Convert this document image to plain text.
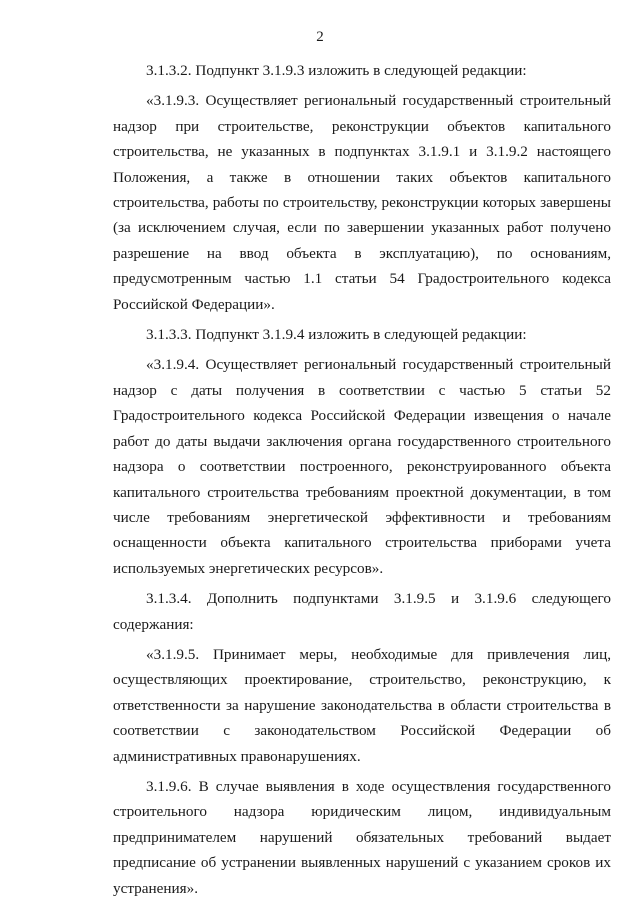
2

3.1.3.2. Подпункт 3.1.9.3 изложить в следующей редакции:

«3.1.9.3. Осуществляет региональный государственный строительный надзор при строительстве, реконструкции объектов капитального строительства, не указанных в подпунктах 3.1.9.1 и 3.1.9.2 настоящего Положения, а также в отношении таких объектов капитального строительства, работы по строительству, реконструкции которых завершены (за исключением случая, если по завершении указанных работ получено разрешение на ввод объекта в эксплуатацию), по основаниям, предусмотренным частью 1.1 статьи 54 Градостроительного кодекса Российской Федерации».

3.1.3.3. Подпункт 3.1.9.4 изложить в следующей редакции:

«3.1.9.4. Осуществляет региональный государственный строительный надзор с даты получения в соответствии с частью 5 статьи 52 Градостроительного кодекса Российской Федерации извещения о начале работ до даты выдачи заключения органа государственного строительного надзора о соответствии построенного, реконструированного объекта капитального строительства требованиям проектной документации, в том числе требованиям энергетической эффективности и требованиям оснащенности объекта капитального строительства приборами учета используемых энергетических ресурсов».

3.1.3.4. Дополнить подпунктами 3.1.9.5 и 3.1.9.6 следующего содержания:

«3.1.9.5. Принимает меры, необходимые для привлечения лиц, осуществляющих проектирование, строительство, реконструкцию, к ответственности за нарушение законодательства в области строительства в соответствии с законодательством Российской Федерации об административных правонарушениях.

3.1.9.6. В случае выявления в ходе осуществления государственного строительного надзора юридическим лицом, индивидуальным предпринимателем нарушений обязательных требований выдает предписание об устранении выявленных нарушений с указанием сроков их устранения».
